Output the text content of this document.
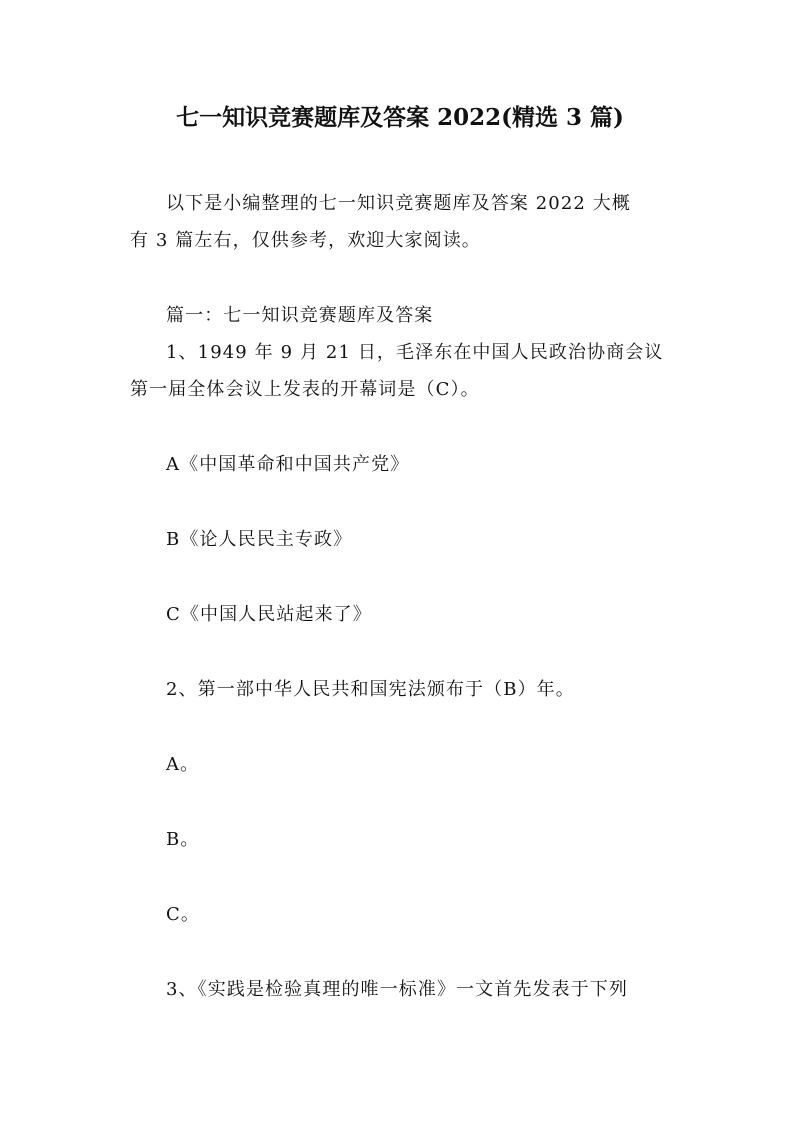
七一知识竞赛题库及答案 2022(精选 3 篇)
以下是小编整理的七一知识竞赛题库及答案 2022 大概
有 3 篇左右，仅供参考，欢迎大家阅读。
篇一：七一知识竞赛题库及答案
1、1949 年 9 月 21 日，毛泽东在中国人民政治协商会议
第一届全体会议上发表的开幕词是（C）。
A《中国革命和中国共产党》
B《论人民民主专政》
C《中国人民站起来了》
2、第一部中华人民共和国宪法颁布于（B）年。
A。
B。
C。
3、《实践是检验真理的唯一标准》一文首先发表于下列
